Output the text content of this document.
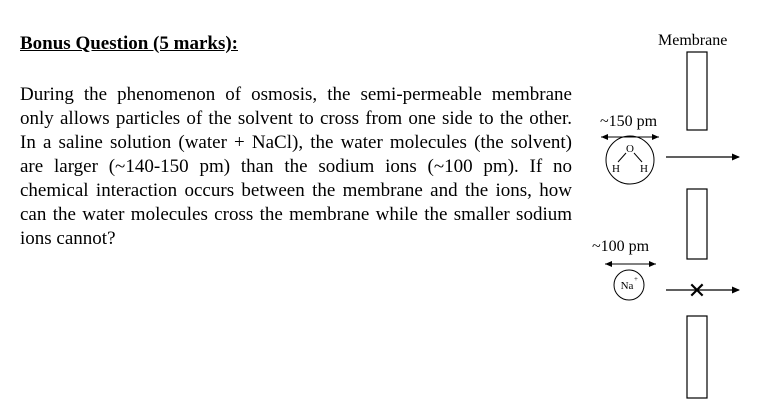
Bonus Question (5 marks):
During the phenomenon of osmosis, the semi-permeable membrane only allows particles of the solvent to cross from one side to the other. In a saline solution (water + NaCl), the water molecules (the solvent) are larger (~140-150 pm) than the sodium ions (~100 pm). If no chemical interaction occurs between the membrane and the ions, how can the water molecules cross the membrane while the smaller sodium ions cannot?
Membrane
~150 pm
~100 pm
O
H H
Na
+ ✕
